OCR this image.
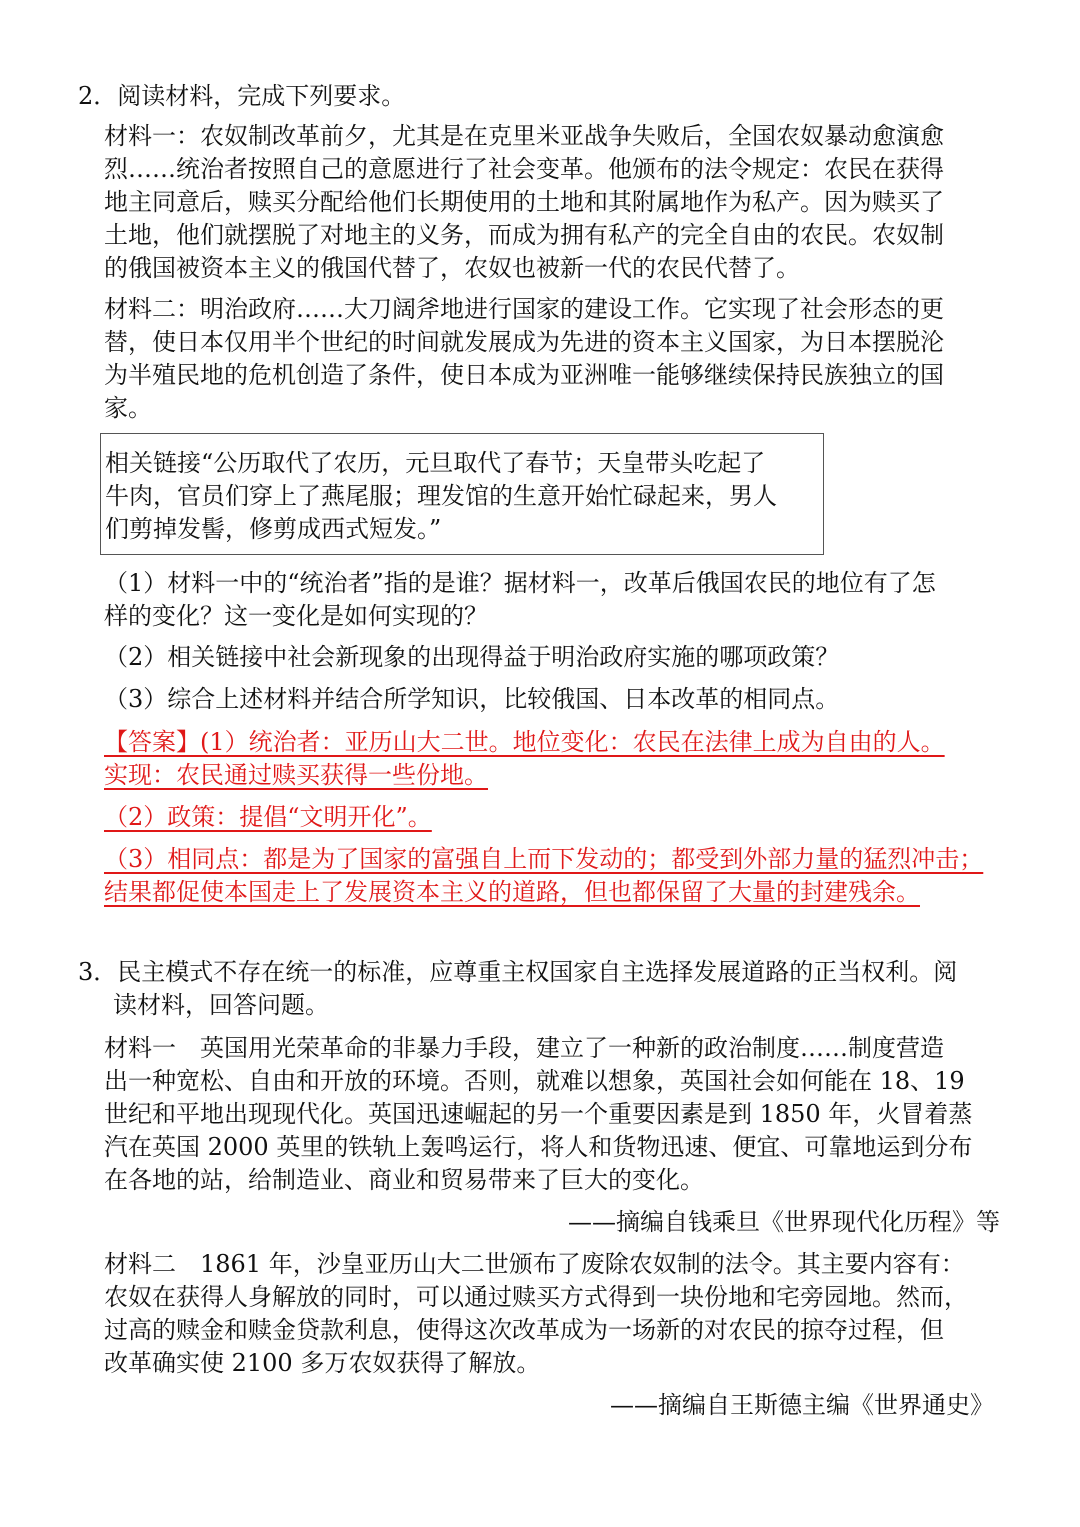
2．阅读材料，完成下列要求。
材料一：农奴制改革前夕，尤其是在克里米亚战争失败后，全国农奴暴动愈演愈
烈……统治者按照自己的意愿进行了社会变革。他颁布的法令规定：农民在获得
地主同意后，赎买分配给他们长期使用的土地和其附属地作为私产。因为赎买了
土地，他们就摆脱了对地主的义务，而成为拥有私产的完全自由的农民。农奴制
的俄国被资本主义的俄国代替了，农奴也被新一代的农民代替了。
材料二：明治政府……大刀阔斧地进行国家的建设工作。它实现了社会形态的更
替，使日本仅用半个世纪的时间就发展成为先进的资本主义国家，为日本摆脱沦
为半殖民地的危机创造了条件，使日本成为亚洲唯一能够继续保持民族独立的国
家。
相关链接“公历取代了农历，元旦取代了春节；天皇带头吃起了
牛肉，官员们穿上了燕尾服；理发馆的生意开始忙碌起来，男人
们剪掉发髻，修剪成西式短发。”
（1）材料一中的“统治者”指的是谁？据材料一，改革后俄国农民的地位有了怎
样的变化？这一变化是如何实现的？
（2）相关链接中社会新现象的出现得益于明治政府实施的哪项政策？
（3）综合上述材料并结合所学知识，比较俄国、日本改革的相同点。
【答案】(1）统治者：亚历山大二世。地位变化：农民在法律上成为自由的人。
实现：农民通过赎买获得一些份地。
（2）政策：提倡“文明开化”。
（3）相同点：都是为了国家的富强自上而下发动的；都受到外部力量的猛烈冲击；
结果都促使本国走上了发展资本主义的道路，但也都保留了大量的封建残余。
3．民主模式不存在统一的标准，应尊重主权国家自主选择发展道路的正当权利。阅
读材料，回答问题。
材料一　英国用光荣革命的非暴力手段，建立了一种新的政治制度……制度营造
出一种宽松、自由和开放的环境。否则，就难以想象，英国社会如何能在 18、19
世纪和平地出现现代化。英国迅速崛起的另一个重要因素是到 1850 年，火冒着蒸
汽在英国 2000 英里的铁轨上轰鸣运行，将人和货物迅速、便宜、可靠地运到分布
在各地的站，给制造业、商业和贸易带来了巨大的变化。
——摘编自钱乘旦《世界现代化历程》等
材料二　1861 年，沙皇亚历山大二世颁布了废除农奴制的法令。其主要内容有：
农奴在获得人身解放的同时，可以通过赎买方式得到一块份地和宅旁园地。然而，
过高的赎金和赎金贷款利息，使得这次改革成为一场新的对农民的掠夺过程，但
改革确实使 2100 多万农奴获得了解放。
——摘编自王斯德主编《世界通史》
